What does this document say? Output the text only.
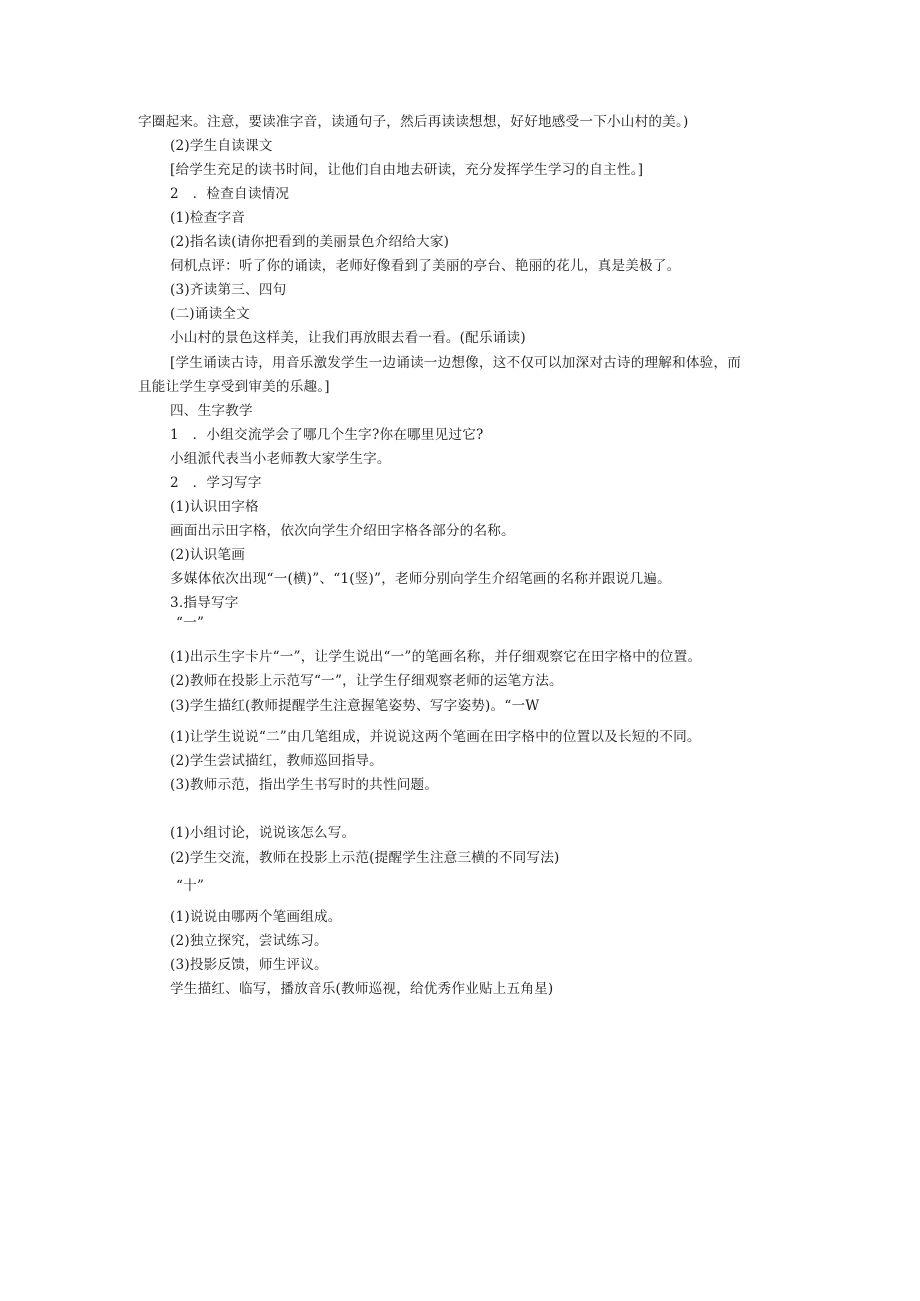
字圈起来。注意，要读准字音，读通句子，然后再读读想想，好好地感受一下小山村的美。)
(2)学生自读课文
[给学生充足的读书时间，让他们自由地去研读，充分发挥学生学习的自主性。]
2　．检查自读情况
(1)检查字音
(2)指名读(请你把看到的美丽景色介绍给大家)
伺机点评：听了你的诵读，老师好像看到了美丽的亭台、艳丽的花儿，真是美极了。
(3)齐读第三、四句
(二)诵读全文
小山村的景色这样美，让我们再放眼去看一看。(配乐诵读)
[学生诵读古诗，用音乐激发学生一边诵读一边想像，这不仅可以加深对古诗的理解和体验，而
且能让学生享受到审美的乐趣。]
四、生字教学
1　．小组交流学会了哪几个生字?你在哪里见过它?
小组派代表当小老师教大家学生字。
2　．学习写字
(1)认识田字格
画面出示田字格，依次向学生介绍田字格各部分的名称。
(2)认识笔画
多媒体依次出现“一(横)”、“1(竖)”，老师分别向学生介绍笔画的名称并跟说几遍。
3.指导写字
“一”
(1)出示生字卡片“一”，让学生说出“一”的笔画名称，并仔细观察它在田字格中的位置。
(2)教师在投影上示范写“一”，让学生仔细观察老师的运笔方法。
(3)学生描红(教师提醒学生注意握笔姿势、写字姿势)。“一W
(1)让学生说说“二”由几笔组成，并说说这两个笔画在田字格中的位置以及长短的不同。
(2)学生尝试描红，教师巡回指导。
(3)教师示范，指出学生书写时的共性问题。
(1)小组讨论，说说该怎么写。
(2)学生交流，教师在投影上示范(提醒学生注意三横的不同写法)
“十”
(1)说说由哪两个笔画组成。
(2)独立探究，尝试练习。
(3)投影反馈，师生评议。
学生描红、临写，播放音乐(教师巡视，给优秀作业贴上五角星)
